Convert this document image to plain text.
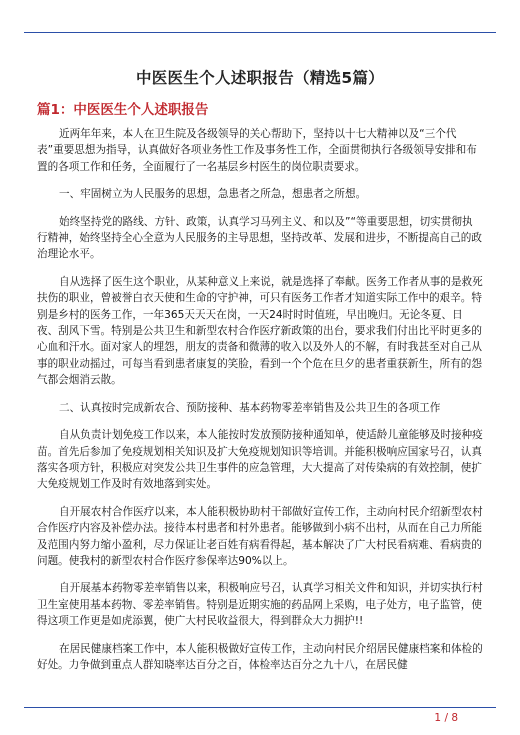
中医医生个人述职报告（精选5篇）
篇1：中医医生个人述职报告

近两年年来，本人在卫生院及各级领导的关心帮助下，坚持以十七大精神以及“三个代表”重要思想为指导，认真做好各项业务性工作及事务性工作，全面贯彻执行各级领导安排和布置的各项工作和任务，全面履行了一名基层乡村医生的岗位职责要求。

一、牢固树立为人民服务的思想，急患者之所急，想患者之所想。

始终坚持党的路线、方针、政策，认真学习马列主义、和以及”“等重要思想，切实贯彻执行精神，始终坚持全心全意为人民服务的主导思想，坚持改革、发展和进步，不断提高自己的政治理论水平。

自从选择了医生这个职业，从某种意义上来说，就是选择了奉献。医务工作者从事的是救死扶伤的职业，曾被誉白衣天使和生命的守护神，可只有医务工作者才知道实际工作中的艰辛。特别是乡村的医务工作，一年365天天天在岗，一天24时时时值班，早出晚归。无论冬夏、日夜、刮风下雪。特别是公共卫生和新型农村合作医疗新政策的出台，要求我们付出比平时更多的心血和汗水。面对家人的埋怨，朋友的责备和微薄的收入以及外人的不解，有时我甚至对自己从事的职业动摇过，可每当看到患者康复的笑脸，看到一个个危在旦夕的患者重获新生，所有的怨气都会烟消云散。

二、认真按时完成新农合、预防接种、基本药物零差率销售及公共卫生的各项工作

自从负责计划免疫工作以来，本人能按时发放预防接种通知单，使适龄儿童能够及时接种疫苗。首先后参加了免疫规划相关知识及扩大免疫规划知识等培训。并能积极响应国家号召，认真落实各项方针，积极应对突发公共卫生事件的应急管理，大大提高了对传染病的有效控制，使扩大免疫规划工作及时有效地落到实处。

自开展农村合作医疗以来，本人能积极协助村干部做好宣传工作，主动向村民介绍新型农村合作医疗内容及补偿办法。接待本村患者和村外患者。能够做到小病不出村，从而在自己力所能及范围内努力缩小盈利，尽力保证让老百姓有病看得起，基本解决了广大村民看病难、看病贵的问题。使我村的新型农村合作医疗参保率达90%以上。

自开展基本药物零差率销售以来，积极响应号召，认真学习相关文件和知识，并切实执行村卫生室使用基本药物、零差率销售。特别是近期实施的药品网上采购，电子处方，电子监管，使得这项工作更是如虎添翼，使广大村民收益很大，得到群众大力拥护!!

在居民健康档案工作中，本人能积极做好宣传工作，主动向村民介绍居民健康档案和体检的好处。力争做到重点人群知晓率达百分之百，体检率达百分之九十八，在居民健

1 / 8
